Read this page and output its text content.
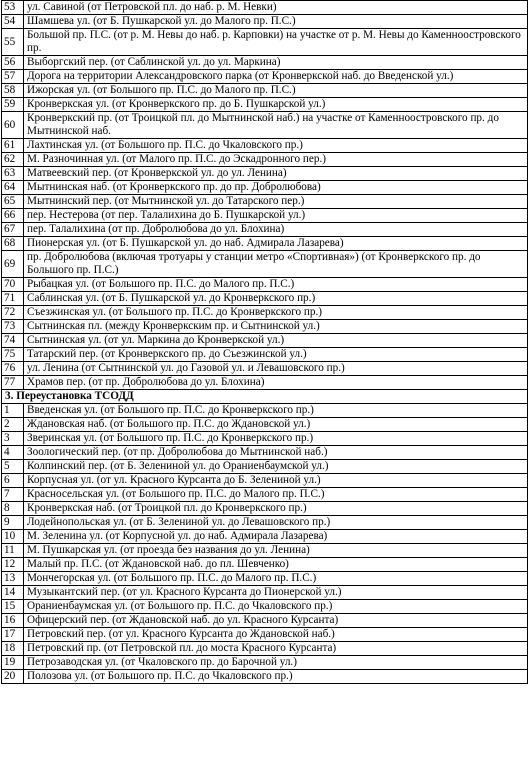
53	ул. Савиной (от Петровской пл. до наб. р. М. Невки)
54	Шамшева ул. (от Б. Пушкарской ул. до Малого пр. П.С.)
55	Большой пр. П.С. (от р. М. Невы до наб. р. Карповки) на участке от р. М. Невы до Каменноостровского пр.
56	Выборгский пер. (от Саблинской ул. до ул. Маркина)
57	Дорога на территории Александровского парка (от Кронверкской наб. до Введенской ул.)
58	Ижорская ул. (от Большого пр. П.С. до Малого пр. П.С.)
59	Кронверкская ул. (от Кронверкского пр. до Б. Пушкарской ул.)
60	Кронверкский пр. (от Троицкой пл. до Мытнинской наб.) на участке от Каменноостровского пр. до Мытнинской наб.
61	Лахтинская ул. (от Большого пр. П.С. до Чкаловского пр.)
62	М. Разночинная ул. (от Малого пр. П.С. до Эскадронного пер.)
63	Матвеевский пер. (от Кронверкской ул. до ул. Ленина)
64	Мытнинская наб. (от Кронверкского пр. до пр. Добролюбова)
65	Мытнинский пер. (от Мытнинской ул. до Татарского пер.)
66	пер. Нестерова (от пер. Талалихина до Б. Пушкарской ул.)
67	пер. Талалихина (от пр. Добролюбова до ул. Блохина)
68	Пионерская ул. (от Б. Пушкарской ул. до наб. Адмирала Лазарева)
69	пр. Добролюбова (включая тротуары у станции метро «Спортивная») (от Кронверкского пр. до Большого пр. П.С.)
70	Рыбацкая ул. (от Большого пр. П.С. до Малого пр. П.С.)
71	Саблинская ул. (от Б. Пушкарской ул. до Кронверкского пр.)
72	Съезжинская ул. (от Большого пр. П.С. до Кронверкского пр.)
73	Сытнинская пл. (между Кронверкским пр. и Сытнинской ул.)
74	Сытнинская ул. (от ул. Маркина до Кронверкской ул.)
75	Татарский пер. (от Кронверкского пр. до Съезжинской ул.)
76	ул. Ленина (от Сытнинской ул. до Газовой ул. и Левашовского пр.)
77	Храмов пер. (от пр. Добролюбова до ул. Блохина)
3. Переустановка ТСОДД	
1	Введенская ул. (от Большого пр. П.С. до Кронверкского пр.)
2	Ждановская наб. (от Большого пр. П.С. до Ждановской ул.)
3	Зверинская ул. (от Большого пр. П.С. до Кронверкского пр.)
4	Зоологический пер. (от пр. Добролюбова до Мытнинской наб.)
5	Колпинский пер. (от Б. Зелениной ул. до Ораниенбаумской ул.)
6	Корпусная ул. (от ул. Красного Курсанта до Б. Зелениной ул.)
7	Красносельская ул. (от Большого пр. П.С. до Малого пр. П.С.)
8	Кронверкская наб. (от Троицкой пл. до Кронверкского пр.)
9	Лодейнопольская ул. (от Б. Зелениной ул. до Левашовского пр.)
10	М. Зеленина ул. (от Корпусной ул. до наб. Адмирала Лазарева)
11	М. Пушкарская ул. (от проезда без названия до ул. Ленина)
12	Малый пр. П.С. (от Ждановской наб. до пл. Шевченко)
13	Мончегорская ул. (от Большого пр. П.С. до Малого пр. П.С.)
14	Музыкантский пер. (от ул. Красного Курсанта до Пионерской ул.)
15	Ораниенбаумская ул. (от Большого пр. П.С. до Чкаловского пр.)
16	Офицерский пер. (от Ждановской наб. до ул. Красного Курсанта)
17	Петровский пер. (от ул. Красного Курсанта до Ждановской наб.)
18	Петровский пр. (от Петровской пл. до моста Красного Курсанта)
19	Петрозаводская ул. (от Чкаловского пр. до Барочной ул.)
20	Полозова ул. (от Большого пр. П.С. до Чкаловского пр.)
